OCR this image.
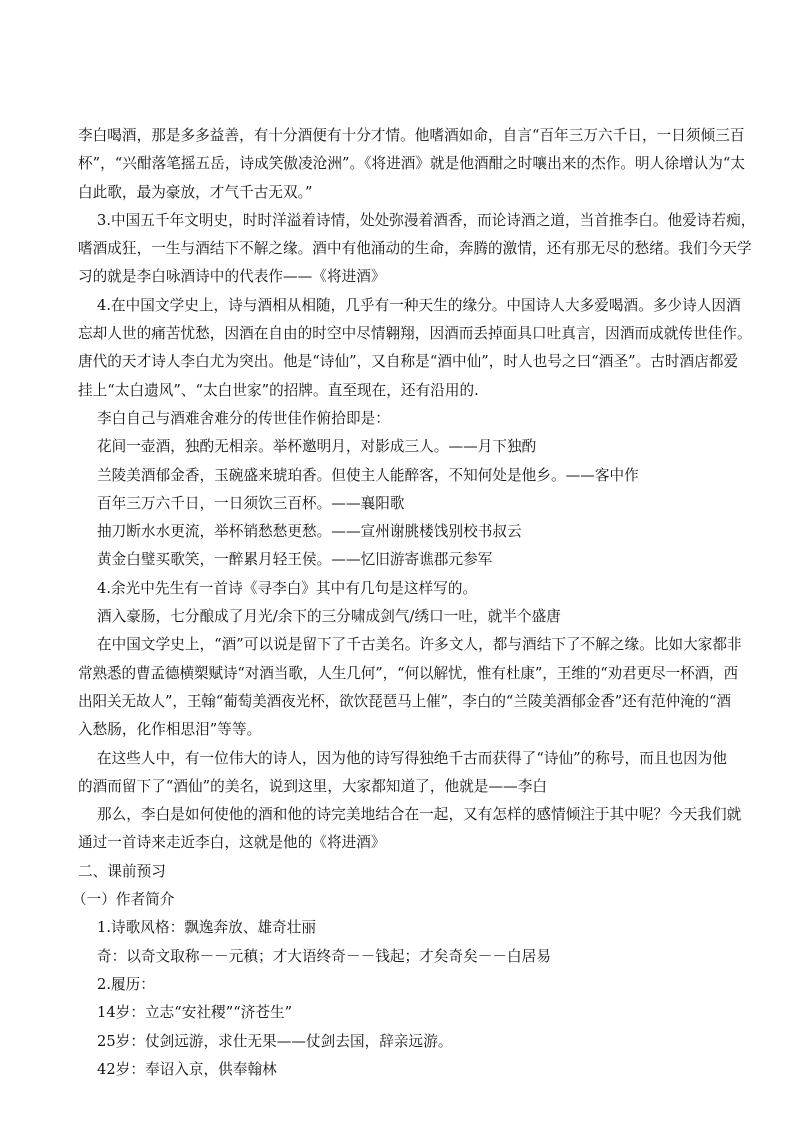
李白喝酒，那是多多益善，有十分酒便有十分才情。他嗜酒如命，自言“百年三万六千日，一日须倾三百
杯”，“兴酣落笔摇五岳，诗成笑傲凌沧洲”。《将进酒》就是他酒酣之时嚷出来的杰作。明人徐增认为“太
白此歌，最为豪放，才气千古无双。”
3.中国五千年文明史，时时洋溢着诗情，处处弥漫着酒香，而论诗酒之道，当首推李白。他爱诗若痴，
嗜酒成狂，一生与酒结下不解之缘。酒中有他涌动的生命，奔腾的激情，还有那无尽的愁绪。我们今天学
习的就是李白咏酒诗中的代表作——《将进酒》
4.在中国文学史上，诗与酒相从相随，几乎有一种天生的缘分。中国诗人大多爱喝酒。多少诗人因酒
忘却人世的痛苦忧愁，因酒在自由的时空中尽情翱翔，因酒而丢掉面具口吐真言，因酒而成就传世佳作。
唐代的天才诗人李白尤为突出。他是“诗仙”，又自称是“酒中仙”，时人也号之曰“酒圣”。古时酒店都爱
挂上“太白遗风”、“太白世家”的招牌。直至现在，还有沿用的.
李白自己与酒难舍难分的传世佳作俯拾即是：
花间一壶酒，独酌无相亲。举杯邀明月，对影成三人。——月下独酌
兰陵美酒郁金香，玉碗盛来琥珀香。但使主人能醉客，不知何处是他乡。——客中作
百年三万六千日，一日须饮三百杯。——襄阳歌
抽刀断水水更流，举杯销愁愁更愁。——宣州谢朓楼饯别校书叔云
黄金白璧买歌笑，一醉累月轻王侯。——忆旧游寄谯郡元参军
4.余光中先生有一首诗《寻李白》其中有几句是这样写的。
酒入豪肠，七分酿成了月光/余下的三分啸成剑气/绣口一吐，就半个盛唐
在中国文学史上，“酒”可以说是留下了千古美名。许多文人，都与酒结下了不解之缘。比如大家都非
常熟悉的曹孟德横槊赋诗“对酒当歌，人生几何”，“何以解忧，惟有杜康”，王维的“劝君更尽一杯酒，西
出阳关无故人”，王翰“葡萄美酒夜光杯，欲饮琵琶马上催”，李白的“兰陵美酒郁金香”还有范仲淹的“酒
入愁肠，化作相思泪”等等。
在这些人中，有一位伟大的诗人，因为他的诗写得独绝千古而获得了“诗仙”的称号，而且也因为他
的酒而留下了“酒仙”的美名，说到这里，大家都知道了，他就是——李白
那么，李白是如何使他的酒和他的诗完美地结合在一起，又有怎样的感情倾注于其中呢？今天我们就
通过一首诗来走近李白，这就是他的《将进酒》
二、课前预习
（一）作者简介
1.诗歌风格：飘逸奔放、雄奇壮丽
奇：以奇文取称－－元稹；才大语终奇－－钱起；才矣奇矣－－白居易
2.履历：
14岁：立志“安社稷”“济苍生”
25岁：仗剑远游，求仕无果——仗剑去国，辞亲远游。
42岁：奉诏入京，供奉翰林
